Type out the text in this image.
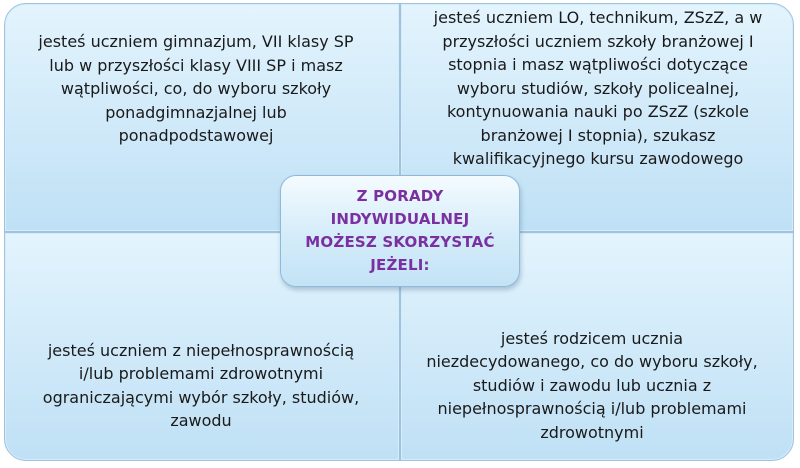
jesteś uczniem gimnazjum, VII klasy SP
lub w przyszłości klasy VIII SP i masz
wątpliwości, co, do wyboru szkoły
ponadgimnazjalnej lub
ponadpodstawowej
jesteś uczniem LO, technikum, ZSzZ, a w
przyszłości uczniem szkoły branżowej I
stopnia i masz wątpliwości dotyczące
wyboru studiów, szkoły policealnej,
kontynuowania nauki po ZSzZ (szkole
branżowej I stopnia), szukasz
kwalifikacyjnego kursu zawodowego
jesteś uczniem z niepełnosprawnością
i/lub problemami zdrowotnymi
ograniczającymi wybór szkoły, studiów,
zawodu
jesteś rodzicem ucznia
niezdecydowanego, co do wyboru szkoły,
studiów i zawodu lub ucznia z
niepełnosprawnością i/lub problemami
zdrowotnymi
Z PORADY
INDYWIDUALNEJ
MOŻESZ SKORZYSTAĆ
JEŻELI:
